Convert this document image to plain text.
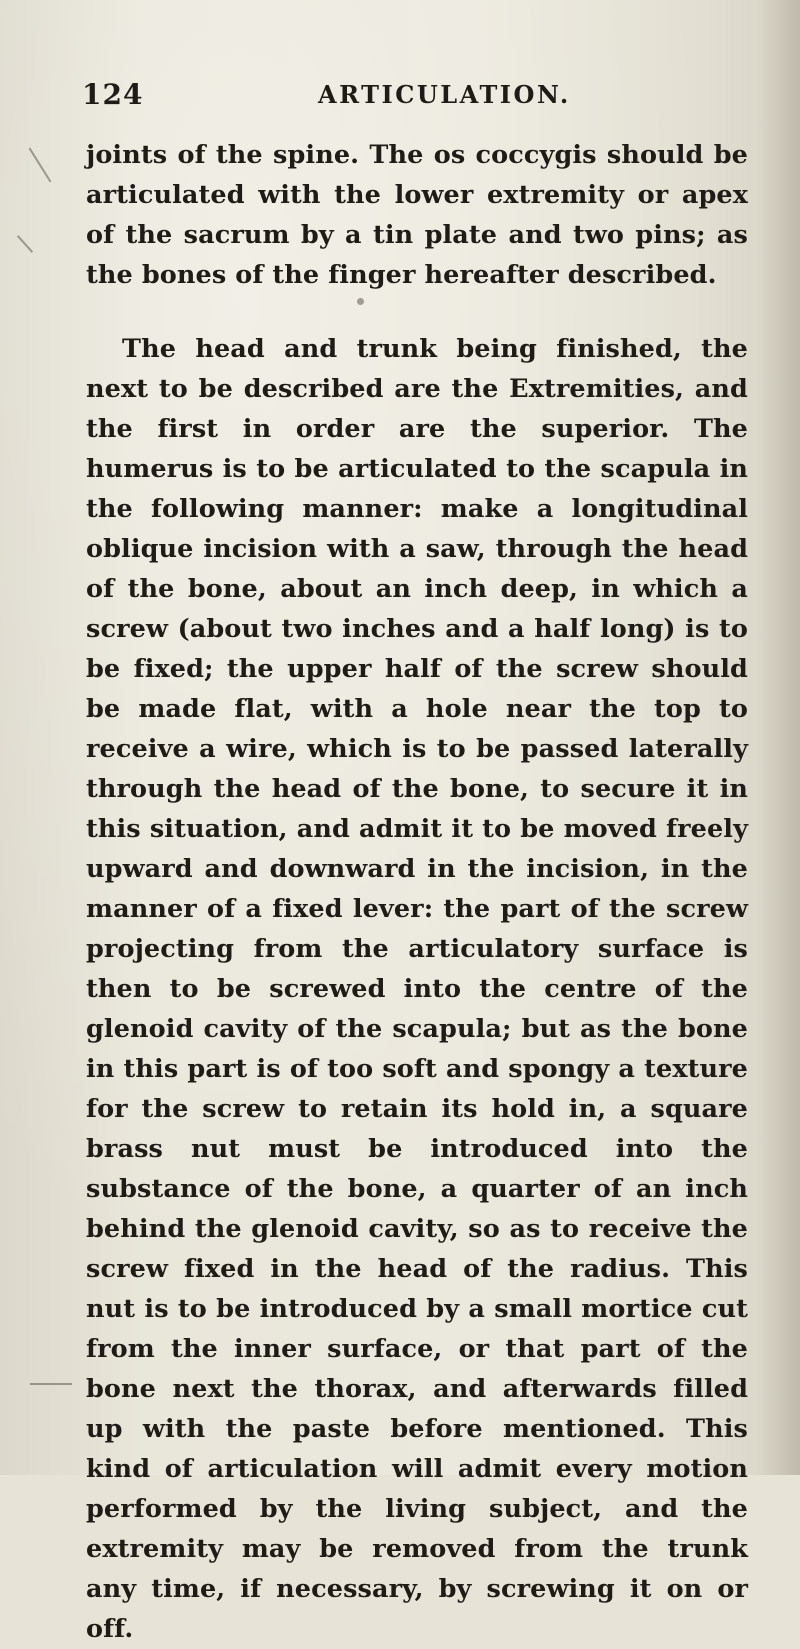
124	ARTICULATION.

joints of the spine. The os coccygis should be articulated with the lower extremity or apex of the sacrum by a tin plate and two pins; as the bones of the finger hereafter described.

The head and trunk being finished, the next to be described are the Extremities, and the first in order are the superior. The humerus is to be articulated to the scapula in the following manner: make a longitudinal oblique incision with a saw, through the head of the bone, about an inch deep, in which a screw (about two inches and a half long) is to be fixed; the upper half of the screw should be made flat, with a hole near the top to receive a wire, which is to be passed laterally through the head of the bone, to secure it in this situation, and admit it to be moved freely upward and downward in the incision, in the manner of a fixed lever: the part of the screw projecting from the articulatory surface is then to be screwed into the centre of the glenoid cavity of the scapula; but as the bone in this part is of too soft and spongy a texture for the screw to retain its hold in, a square brass nut must be introduced into the substance of the bone, a quarter of an inch behind the glenoid cavity, so as to receive the screw fixed in the head of the radius. This nut is to be introduced by a small mortice cut from the inner surface, or that part of the bone next the thorax, and afterwards filled up with the paste before mentioned. This kind of articulation will admit every motion performed by the living subject, and the extremity may be removed from the trunk any time, if necessary, by screwing it on or off.
